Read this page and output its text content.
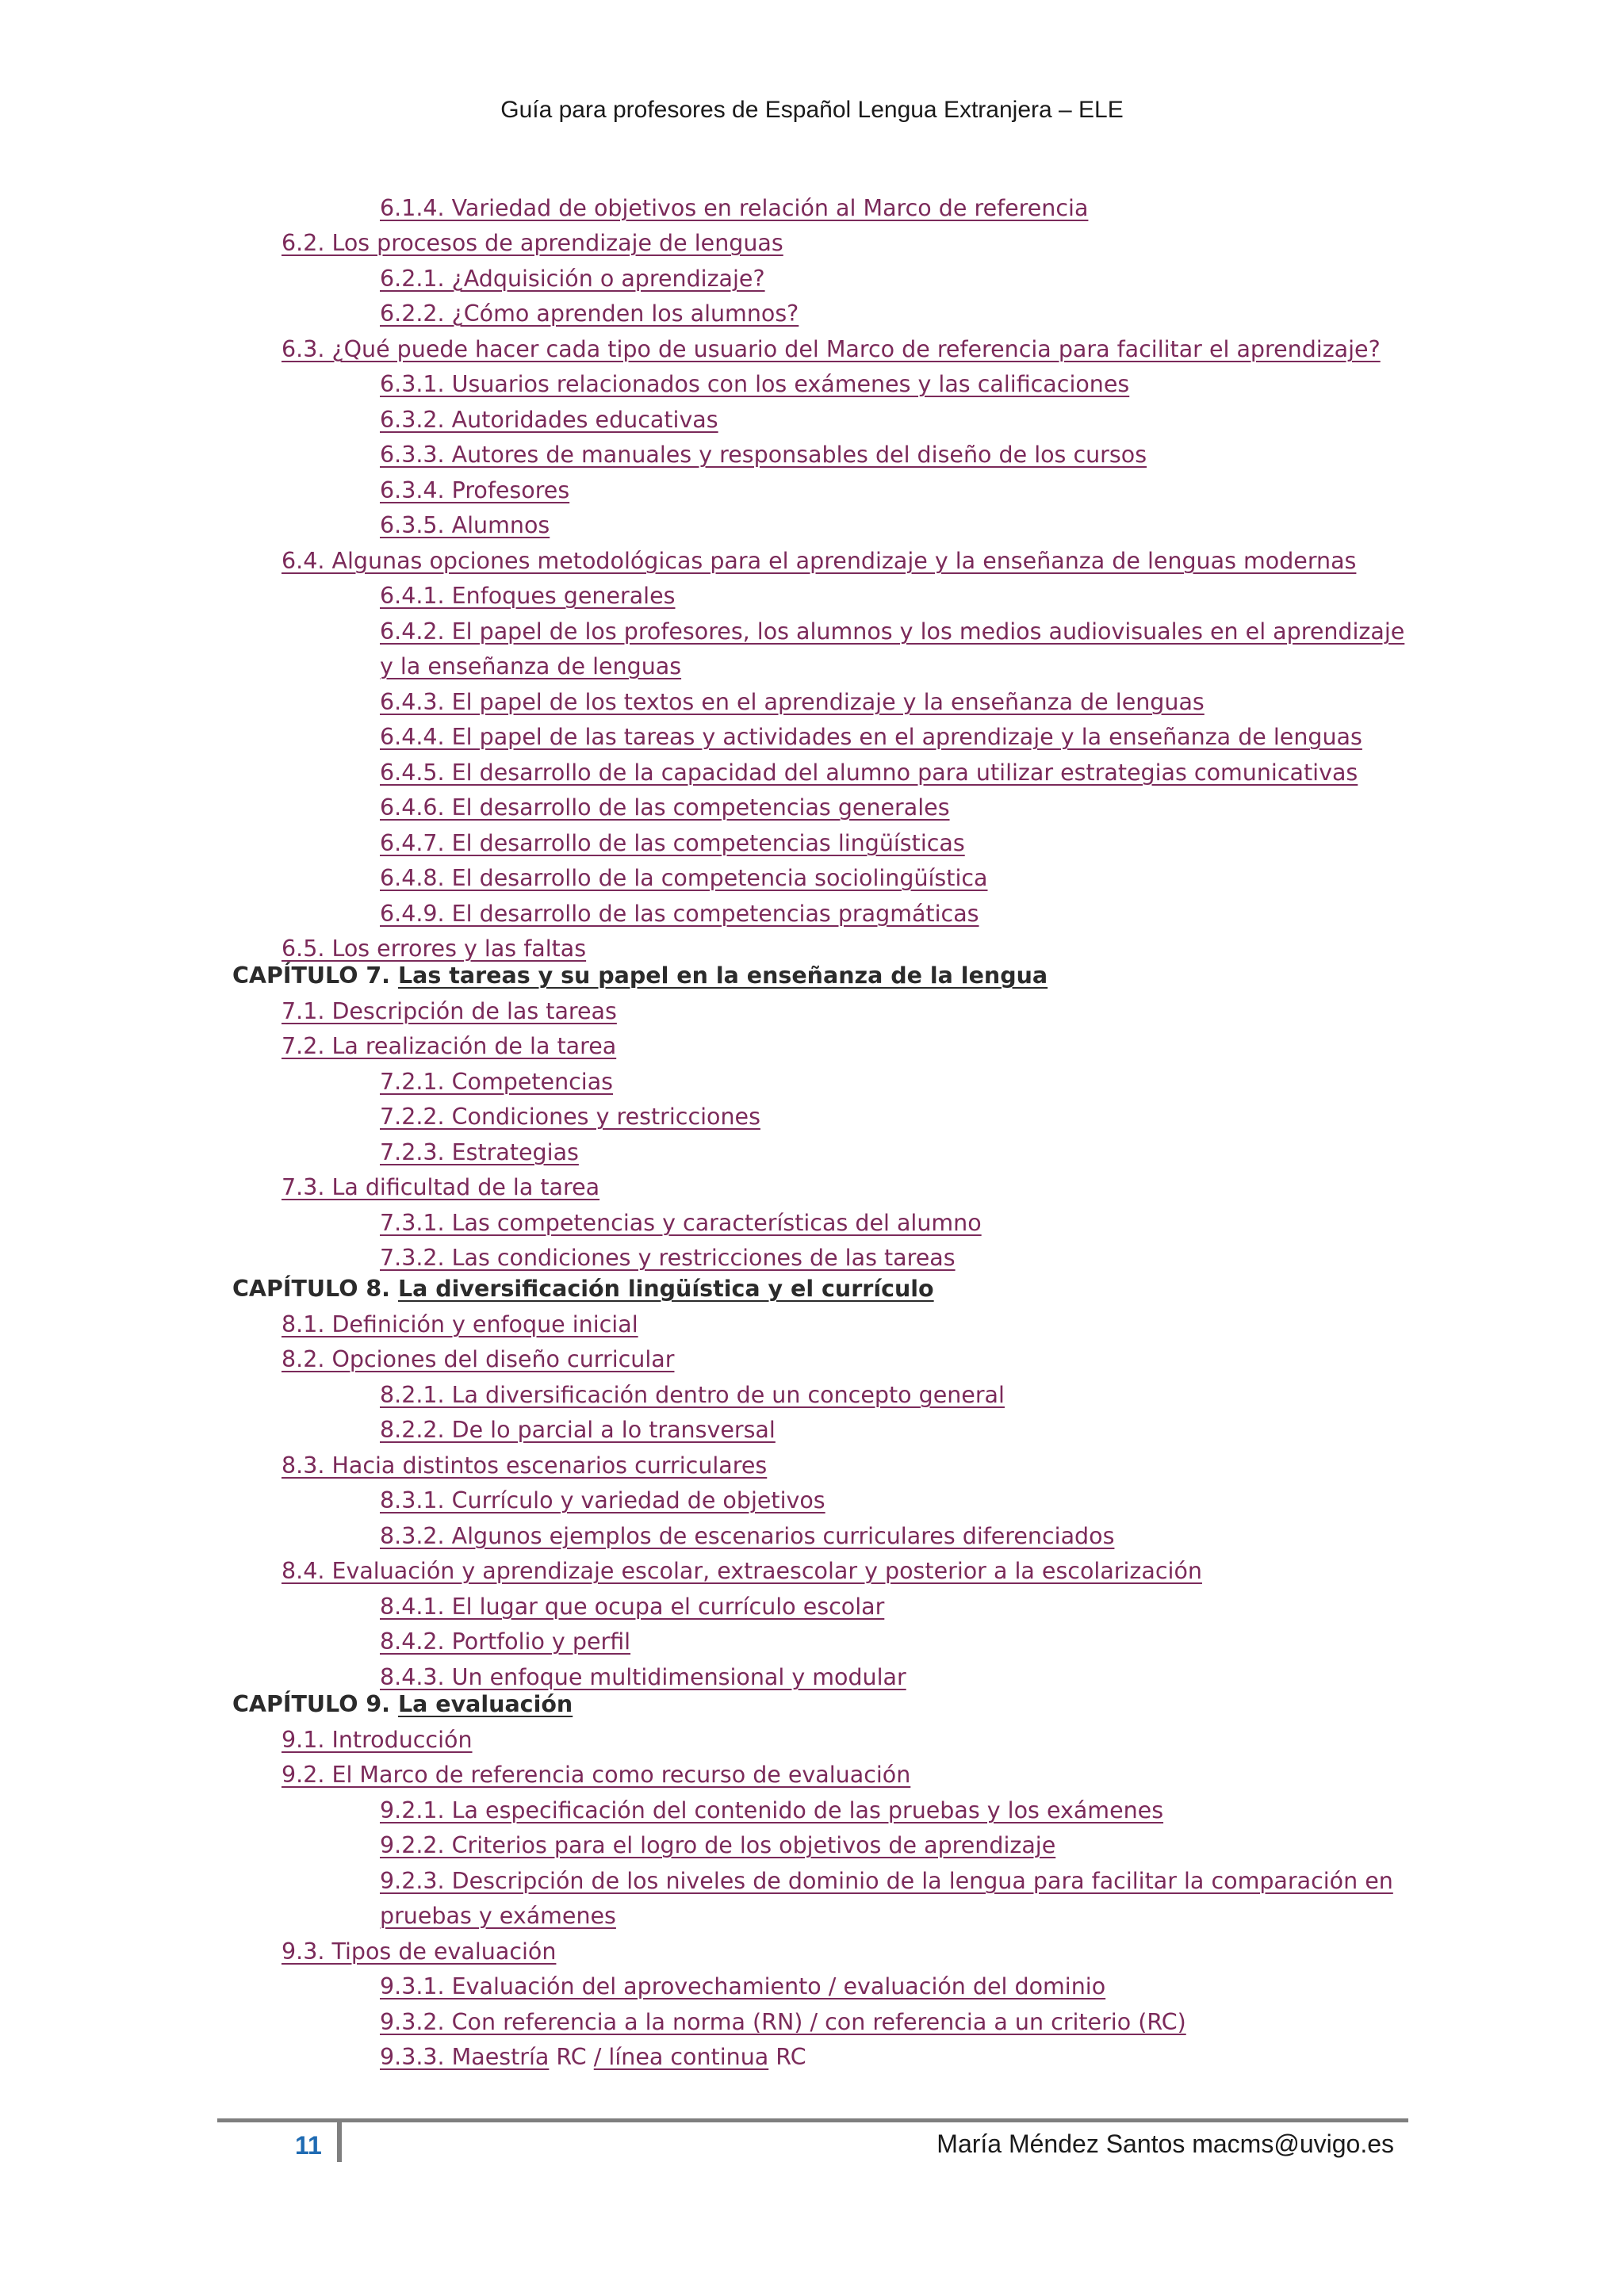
Guía para profesores de Español Lengua Extranjera – ELE
6.1.4. Variedad de objetivos en relación al Marco de referencia
6.2. Los procesos de aprendizaje de lenguas
6.2.1. ¿Adquisición o aprendizaje?
6.2.2. ¿Cómo aprenden los alumnos?
6.3. ¿Qué puede hacer cada tipo de usuario del Marco de referencia para facilitar el aprendizaje?
6.3.1. Usuarios relacionados con los exámenes y las calificaciones
6.3.2. Autoridades educativas
6.3.3. Autores de manuales y responsables del diseño de los cursos
6.3.4. Profesores
6.3.5. Alumnos
6.4. Algunas opciones metodológicas para el aprendizaje y la enseñanza de lenguas modernas
6.4.1. Enfoques generales
6.4.2. El papel de los profesores, los alumnos y los medios audiovisuales en el aprendizaje
y la enseñanza de lenguas
6.4.3. El papel de los textos en el aprendizaje y la enseñanza de lenguas
6.4.4. El papel de las tareas y actividades en el aprendizaje y la enseñanza de lenguas
6.4.5. El desarrollo de la capacidad del alumno para utilizar estrategias comunicativas
6.4.6. El desarrollo de las competencias generales
6.4.7. El desarrollo de las competencias lingüísticas
6.4.8. El desarrollo de la competencia sociolingüística
6.4.9. El desarrollo de las competencias pragmáticas
6.5. Los errores y las faltas
CAPÍTULO 7. Las tareas y su papel en la enseñanza de la lengua
7.1. Descripción de las tareas
7.2. La realización de la tarea
7.2.1. Competencias
7.2.2. Condiciones y restricciones
7.2.3. Estrategias
7.3. La dificultad de la tarea
7.3.1. Las competencias y características del alumno
7.3.2. Las condiciones y restricciones de las tareas
CAPÍTULO 8. La diversificación lingüística y el currículo
8.1. Definición y enfoque inicial
8.2. Opciones del diseño curricular
8.2.1. La diversificación dentro de un concepto general
8.2.2. De lo parcial a lo transversal
8.3. Hacia distintos escenarios curriculares
8.3.1. Currículo y variedad de objetivos
8.3.2. Algunos ejemplos de escenarios curriculares diferenciados
8.4. Evaluación y aprendizaje escolar, extraescolar y posterior a la escolarización
8.4.1. El lugar que ocupa el currículo escolar
8.4.2. Portfolio y perfil
8.4.3. Un enfoque multidimensional y modular
CAPÍTULO 9. La evaluación
9.1. Introducción
9.2. El Marco de referencia como recurso de evaluación
9.2.1. La especificación del contenido de las pruebas y los exámenes
9.2.2. Criterios para el logro de los objetivos de aprendizaje
9.2.3. Descripción de los niveles de dominio de la lengua para facilitar la comparación en
pruebas y exámenes
9.3. Tipos de evaluación
9.3.1. Evaluación del aprovechamiento / evaluación del dominio
9.3.2. Con referencia a la norma (RN) / con referencia a un criterio (RC)
9.3.3. Maestría RC / línea continua RC
11	María Méndez Santos macms@uvigo.es
